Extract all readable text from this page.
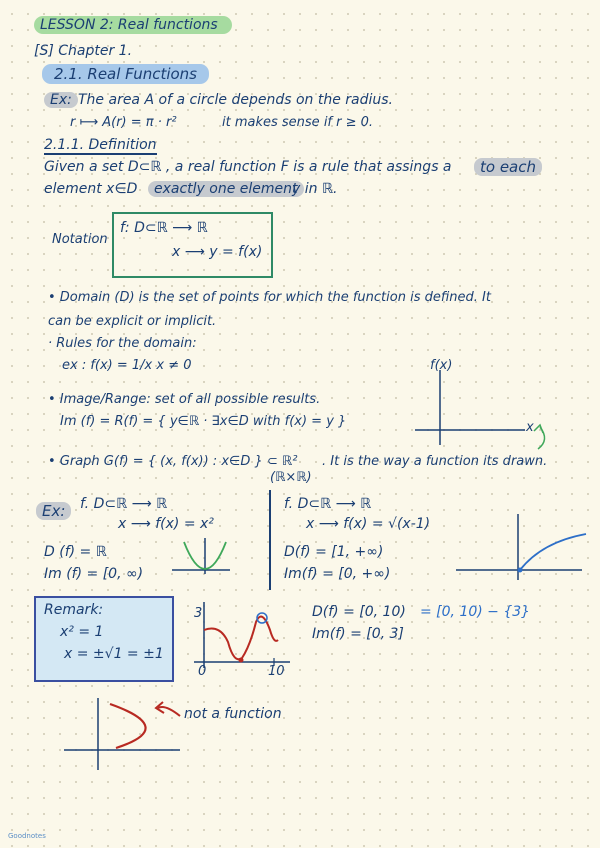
LESSON 2: Real functions
[S] Chapter 1.
2.1. Real Functions
Ex: The area A of a circle depends on the radius.
r ⟼ A(r) = π · r²	it makes sense if r ≥ 0.
2.1.1. Definition
Given a set D⊂ℝ , a real function F is a rule that assings a	to each
element x∈D	exactly one element
y in ℝ.
Notation
f: D⊂ℝ ⟶ ℝ
x ⟶ y = f(x)
• Domain (D) is the set of points for which the function is defined. It
can be explicit or implicit.
· Rules for the domain:
ex : f(x) = 1/x x ≠ 0	f(x)
x
• Image/Range: set of all possible results.
Im (f) = R(f) = { y∈ℝ · ∃x∈D with f(x) = y }
• Graph G(f) = { (x, f(x)) : x∈D } ⊂ ℝ² . It is the way a function its drawn.
(ℝ×ℝ)
Ex:	f. D⊂ℝ ⟶ ℝ
x ⟶ f(x) = x²
D (f) = ℝ
Im (f) = [0, ∞)
f. D⊂ℝ ⟶ ℝ
x ⟶ f(x) = √(x-1)
D(f) = [1, +∞)
Im(f) = [0, +∞)
Remark:
x² = 1
x = ±√1 = ±1
3
0	10
D(f) = [0, 10) = [0, 10) − {3}
Im(f) = [0, 3]
not a function
Goodnotes
